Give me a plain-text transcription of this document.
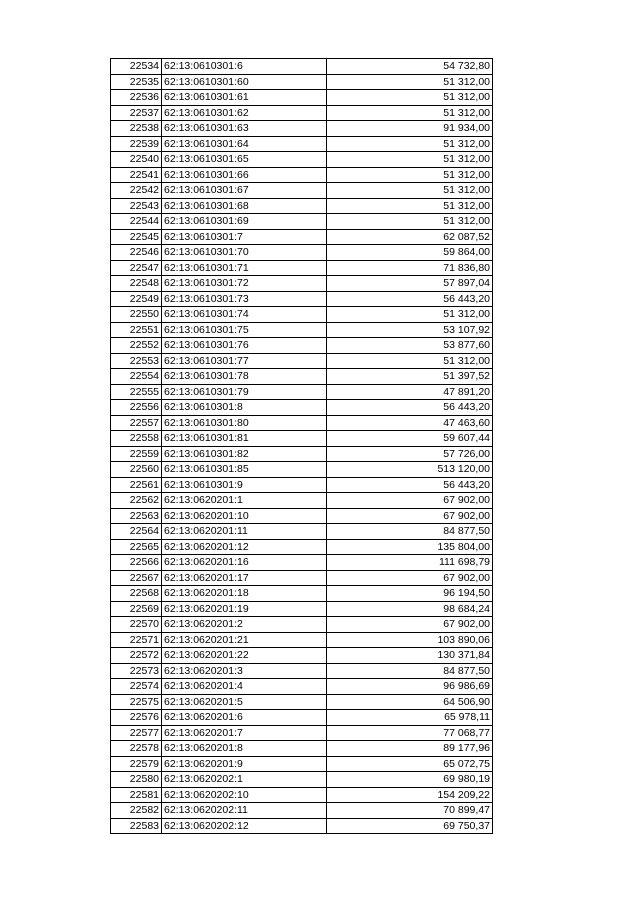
22534	62:13:0610301:6	54 732,80
22535	62:13:0610301:60	51 312,00
22536	62:13:0610301:61	51 312,00
22537	62:13:0610301:62	51 312,00
22538	62:13:0610301:63	91 934,00
22539	62:13:0610301:64	51 312,00
22540	62:13:0610301:65	51 312,00
22541	62:13:0610301:66	51 312,00
22542	62:13:0610301:67	51 312,00
22543	62:13:0610301:68	51 312,00
22544	62:13:0610301:69	51 312,00
22545	62:13:0610301:7	62 087,52
22546	62:13:0610301:70	59 864,00
22547	62:13:0610301:71	71 836,80
22548	62:13:0610301:72	57 897,04
22549	62:13:0610301:73	56 443,20
22550	62:13:0610301:74	51 312,00
22551	62:13:0610301:75	53 107,92
22552	62:13:0610301:76	53 877,60
22553	62:13:0610301:77	51 312,00
22554	62:13:0610301:78	51 397,52
22555	62:13:0610301:79	47 891,20
22556	62:13:0610301:8	56 443,20
22557	62:13:0610301:80	47 463,60
22558	62:13:0610301:81	59 607,44
22559	62:13:0610301:82	57 726,00
22560	62:13:0610301:85	513 120,00
22561	62:13:0610301:9	56 443,20
22562	62:13:0620201:1	67 902,00
22563	62:13:0620201:10	67 902,00
22564	62:13:0620201:11	84 877,50
22565	62:13:0620201:12	135 804,00
22566	62:13:0620201:16	111 698,79
22567	62:13:0620201:17	67 902,00
22568	62:13:0620201:18	96 194,50
22569	62:13:0620201:19	98 684,24
22570	62:13:0620201:2	67 902,00
22571	62:13:0620201:21	103 890,06
22572	62:13:0620201:22	130 371,84
22573	62:13:0620201:3	84 877,50
22574	62:13:0620201:4	96 986,69
22575	62:13:0620201:5	64 506,90
22576	62:13:0620201:6	65 978,11
22577	62:13:0620201:7	77 068,77
22578	62:13:0620201:8	89 177,96
22579	62:13:0620201:9	65 072,75
22580	62:13:0620202:1	69 980,19
22581	62:13:0620202:10	154 209,22
22582	62:13:0620202:11	70 899,47
22583	62:13:0620202:12	69 750,37
